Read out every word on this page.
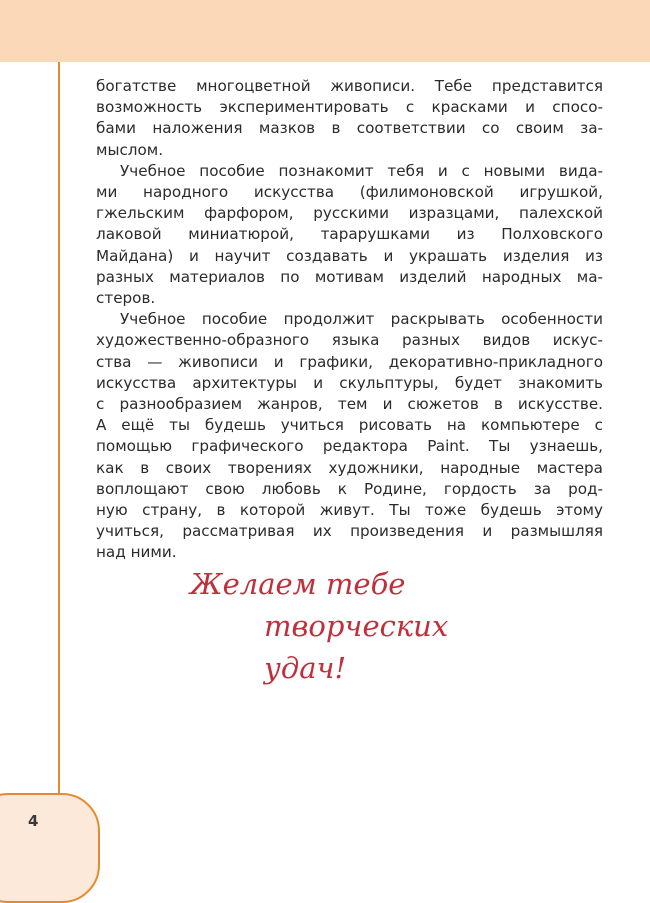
богатстве многоцветной живописи. Тебе представится
возможность экспериментировать с красками и спосо-
бами наложения мазков в соответствии со своим за-
мыслом.
Учебное пособие познакомит тебя и с новыми вида-
ми народного искусства (филимоновской игрушкой,
гжельским фарфором, русскими изразцами, палехской
лаковой миниатюрой, тарарушками из Полховского
Майдана) и научит создавать и украшать изделия из
разных материалов по мотивам изделий народных ма-
стеров.
Учебное пособие продолжит раскрывать особенности
художественно-образного языка разных видов искус-
ства — живописи и графики, декоративно-прикладного
искусства архитектуры и скульптуры, будет знакомить
с разнообразием жанров, тем и сюжетов в искусстве.
А ещё ты будешь учиться рисовать на компьютере с
помощью графического редактора Paint. Ты узнаешь,
как в своих творениях художники, народные мастера
воплощают свою любовь к Родине, гордость за род-
ную страну, в которой живут. Ты тоже будешь этому
учиться, рассматривая их произведения и размышляя
над ними.
Желаем тебе
творческих удач!
4
